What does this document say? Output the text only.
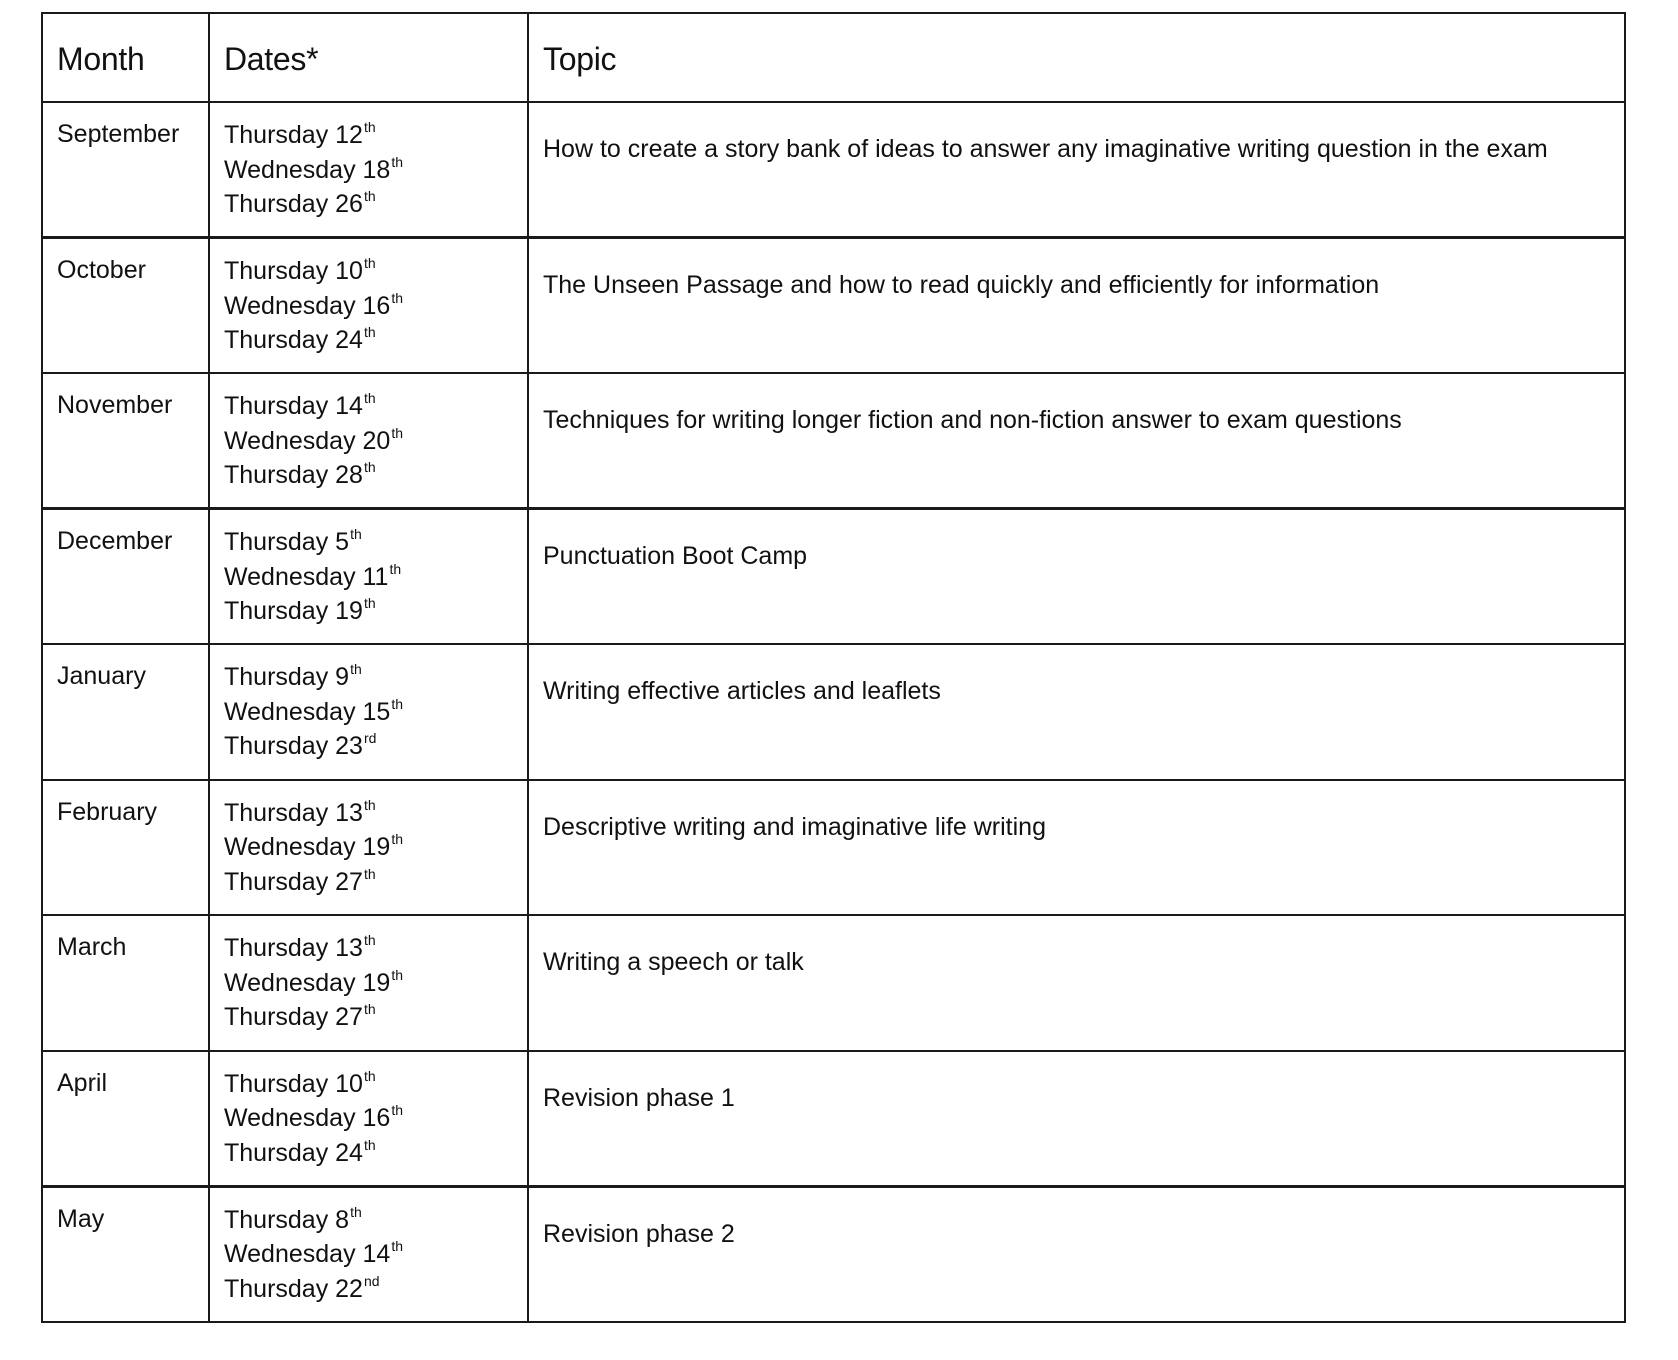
Month	Dates*	Topic
September	Thursday 12th
Wednesday 18th
Thursday 26th	How to create a story bank of ideas to answer any imaginative writing question in the exam
October	Thursday 10th
Wednesday 16th
Thursday 24th	The Unseen Passage and how to read quickly and efficiently for information
November	Thursday 14th
Wednesday 20th
Thursday 28th	Techniques for writing longer fiction and non-fiction answer to exam questions
December	Thursday 5th
Wednesday 11th
Thursday 19th	Punctuation Boot Camp
January	Thursday 9th
Wednesday 15th
Thursday 23rd	Writing effective articles and leaflets
February	Thursday 13th
Wednesday 19th
Thursday 27th	Descriptive writing and imaginative life writing
March	Thursday 13th
Wednesday 19th
Thursday 27th	Writing a speech or talk
April	Thursday 10th
Wednesday 16th
Thursday 24th	Revision phase 1
May	Thursday 8th
Wednesday 14th
Thursday 22nd	Revision phase 2
